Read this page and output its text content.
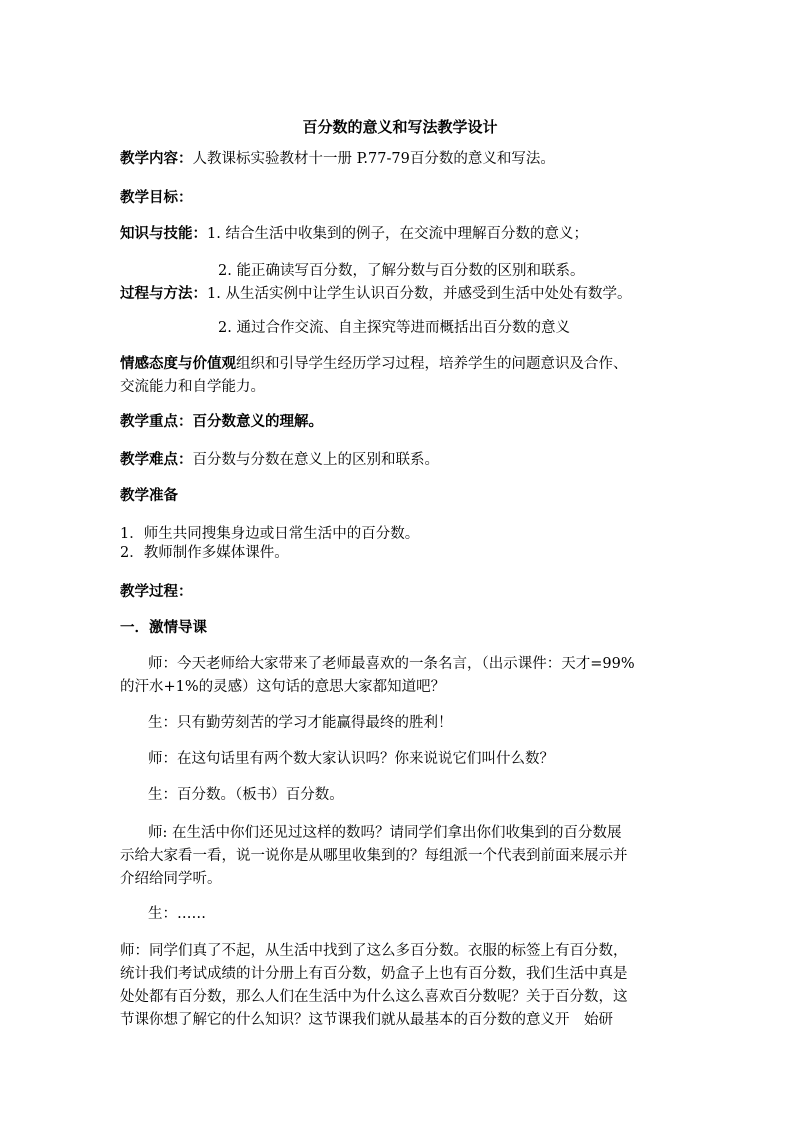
百分数的意义和写法教学设计
教学内容：人教课标实验教材十一册 P.77-79百分数的意义和写法。
教学目标：
知识与技能：1. 结合生活中收集到的例子，在交流中理解百分数的意义；
2. 能正确读写百分数，了解分数与百分数的区别和联系。
过程与方法：1. 从生活实例中让学生认识百分数，并感受到生活中处处有数学。
2. 通过合作交流、自主探究等进而概括出百分数的意义
情感态度与价值观组织和引导学生经历学习过程，培养学生的问题意识及合作、
交流能力和自学能力。
教学重点：百分数意义的理解。
教学难点：百分数与分数在意义上的区别和联系。
教学准备
1．师生共同搜集身边或日常生活中的百分数。
2．教师制作多媒体课件。
教学过程：
一．激情导课
师：今天老师给大家带来了老师最喜欢的一条名言，（出示课件：天才=99%
的汗水+1%的灵感）这句话的意思大家都知道吧？
生：只有勤劳刻苦的学习才能赢得最终的胜利！
师：在这句话里有两个数大家认识吗？你来说说它们叫什么数？
生：百分数。（板书）百分数。
师: 在生活中你们还见过这样的数吗？请同学们拿出你们收集到的百分数展
示给大家看一看，说一说你是从哪里收集到的？每组派一个代表到前面来展示并
介绍给同学听。
生：……
师：同学们真了不起，从生活中找到了这么多百分数。衣服的标签上有百分数，
统计我们考试成绩的计分册上有百分数，奶盒子上也有百分数，我们生活中真是
处处都有百分数，那么人们在生活中为什么这么喜欢百分数呢？关于百分数，这
节课你想了解它的什么知识？这节课我们就从最基本的百分数的意义开　始研
